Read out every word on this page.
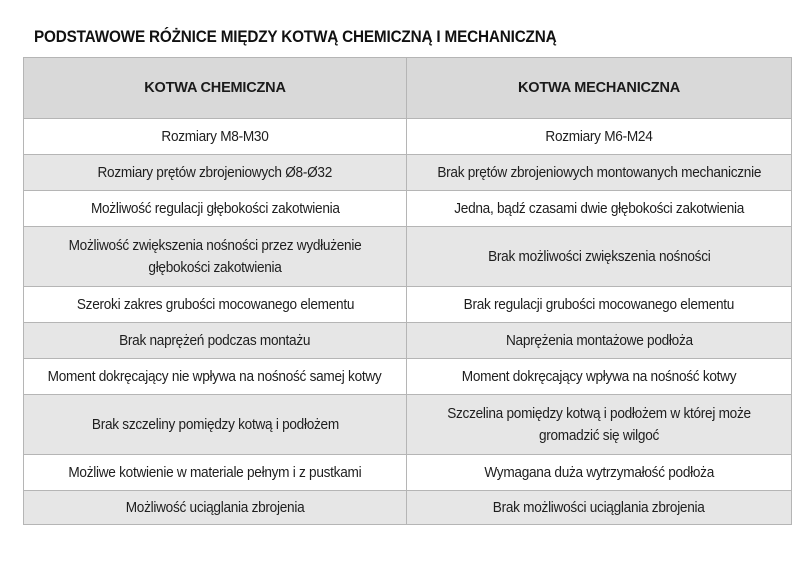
PODSTAWOWE RÓŻNICE MIĘDZY KOTWĄ CHEMICZNĄ I MECHANICZNĄ
KOTWA CHEMICZNA	KOTWA MECHANICZNA
Rozmiary M8-M30	Rozmiary M6-M24
Rozmiary prętów zbrojeniowych Ø8-Ø32	Brak prętów zbrojeniowych montowanych mechanicznie
Możliwość regulacji głębokości zakotwienia	Jedna, bądź czasami dwie głębokości zakotwienia
Możliwość zwiększenia nośności przez wydłużenie głębokości zakotwienia	Brak możliwości zwiększenia nośności
Szeroki zakres grubości mocowanego elementu	Brak regulacji grubości mocowanego elementu
Brak naprężeń podczas montażu	Naprężenia montażowe podłoża
Moment dokręcający nie wpływa na nośność samej kotwy	Moment dokręcający wpływa na nośność kotwy
Brak szczeliny pomiędzy kotwą i podłożem	Szczelina pomiędzy kotwą i podłożem w której może gromadzić się wilgoć
Możliwe kotwienie w materiale pełnym i z pustkami	Wymagana duża wytrzymałość podłoża
Możliwość uciąglania zbrojenia	Brak możliwości uciąglania zbrojenia
